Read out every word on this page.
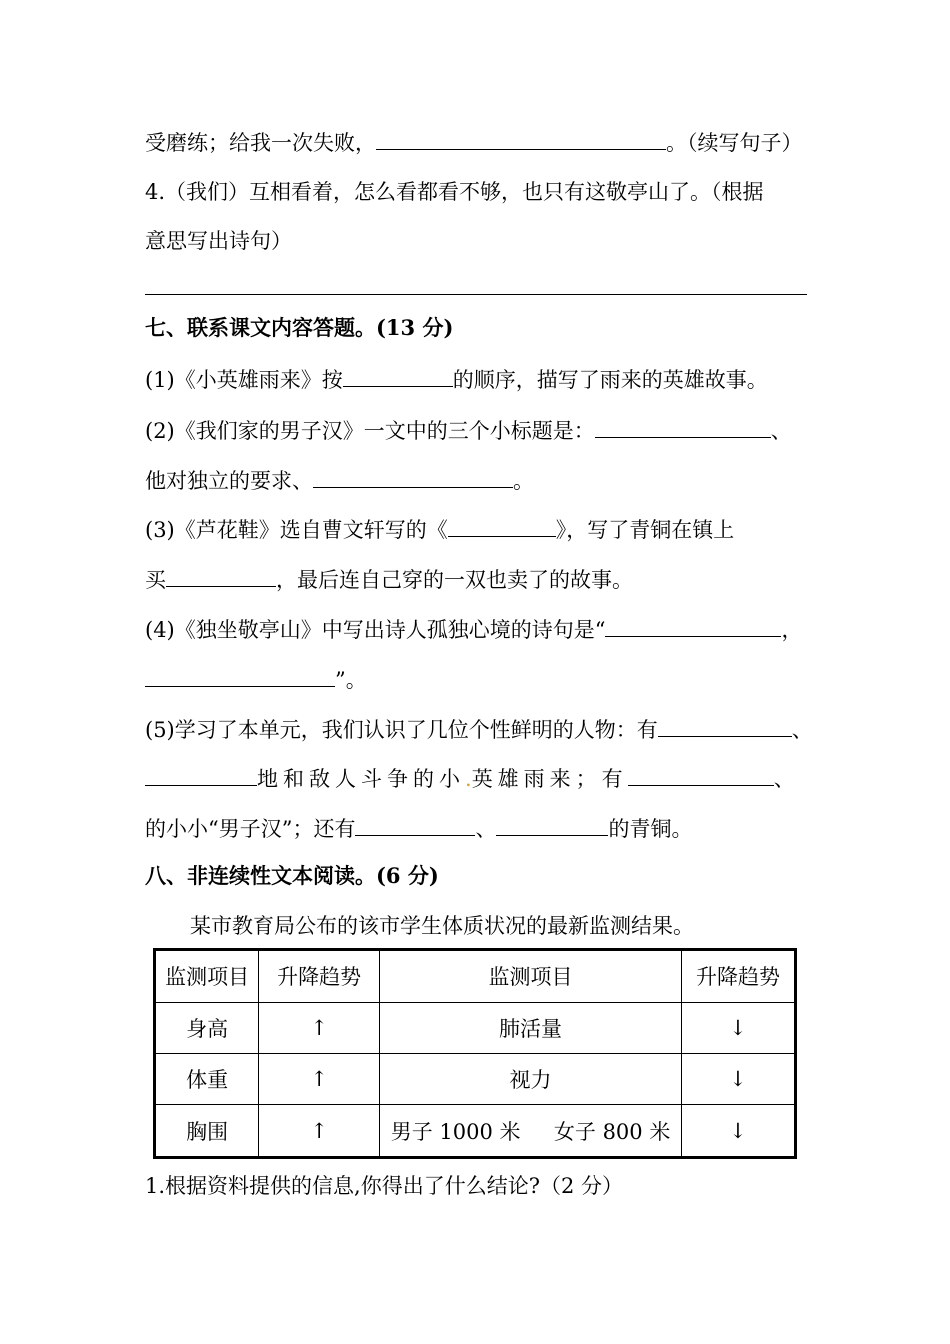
受磨练；给我一次失败，	。（续写句子）
4.（我们）互相看着，怎么看都看不够，也只有这敬亭山了。（根据
意思写出诗句）
七、联系课文内容答题。(13 分)
(1)《小英雄雨来》按	的顺序，描写了雨来的英雄故事。
(2)《我们家的男子汉》一文中的三个小标题是：	、
他对独立的要求、	。
(3)《芦花鞋》选自曹文轩写的《	》，写了青铜在镇上
买	，最后连自己穿的一双也卖了的故事。
(4)《独坐敬亭山》中写出诗人孤独心境的诗句是“	，
”。
(5)学习了本单元，我们认识了几位个性鲜明的人物：有	、
地和敌人斗争的小.英雄雨来；有	、
的小小“男子汉”；还有	、	的青铜。
八、非连续性文本阅读。(6 分)
某市教育局公布的该市学生体质状况的最新监测结果。
监测项目	升降趋势	监测项目	升降趋势
身高	↑	肺活量	↓
体重	↑	视力	↓
胸围	↑	男子 1000 米     女子 800 米	↓
1.根据资料提供的信息,你得出了什么结论?（2 分）
